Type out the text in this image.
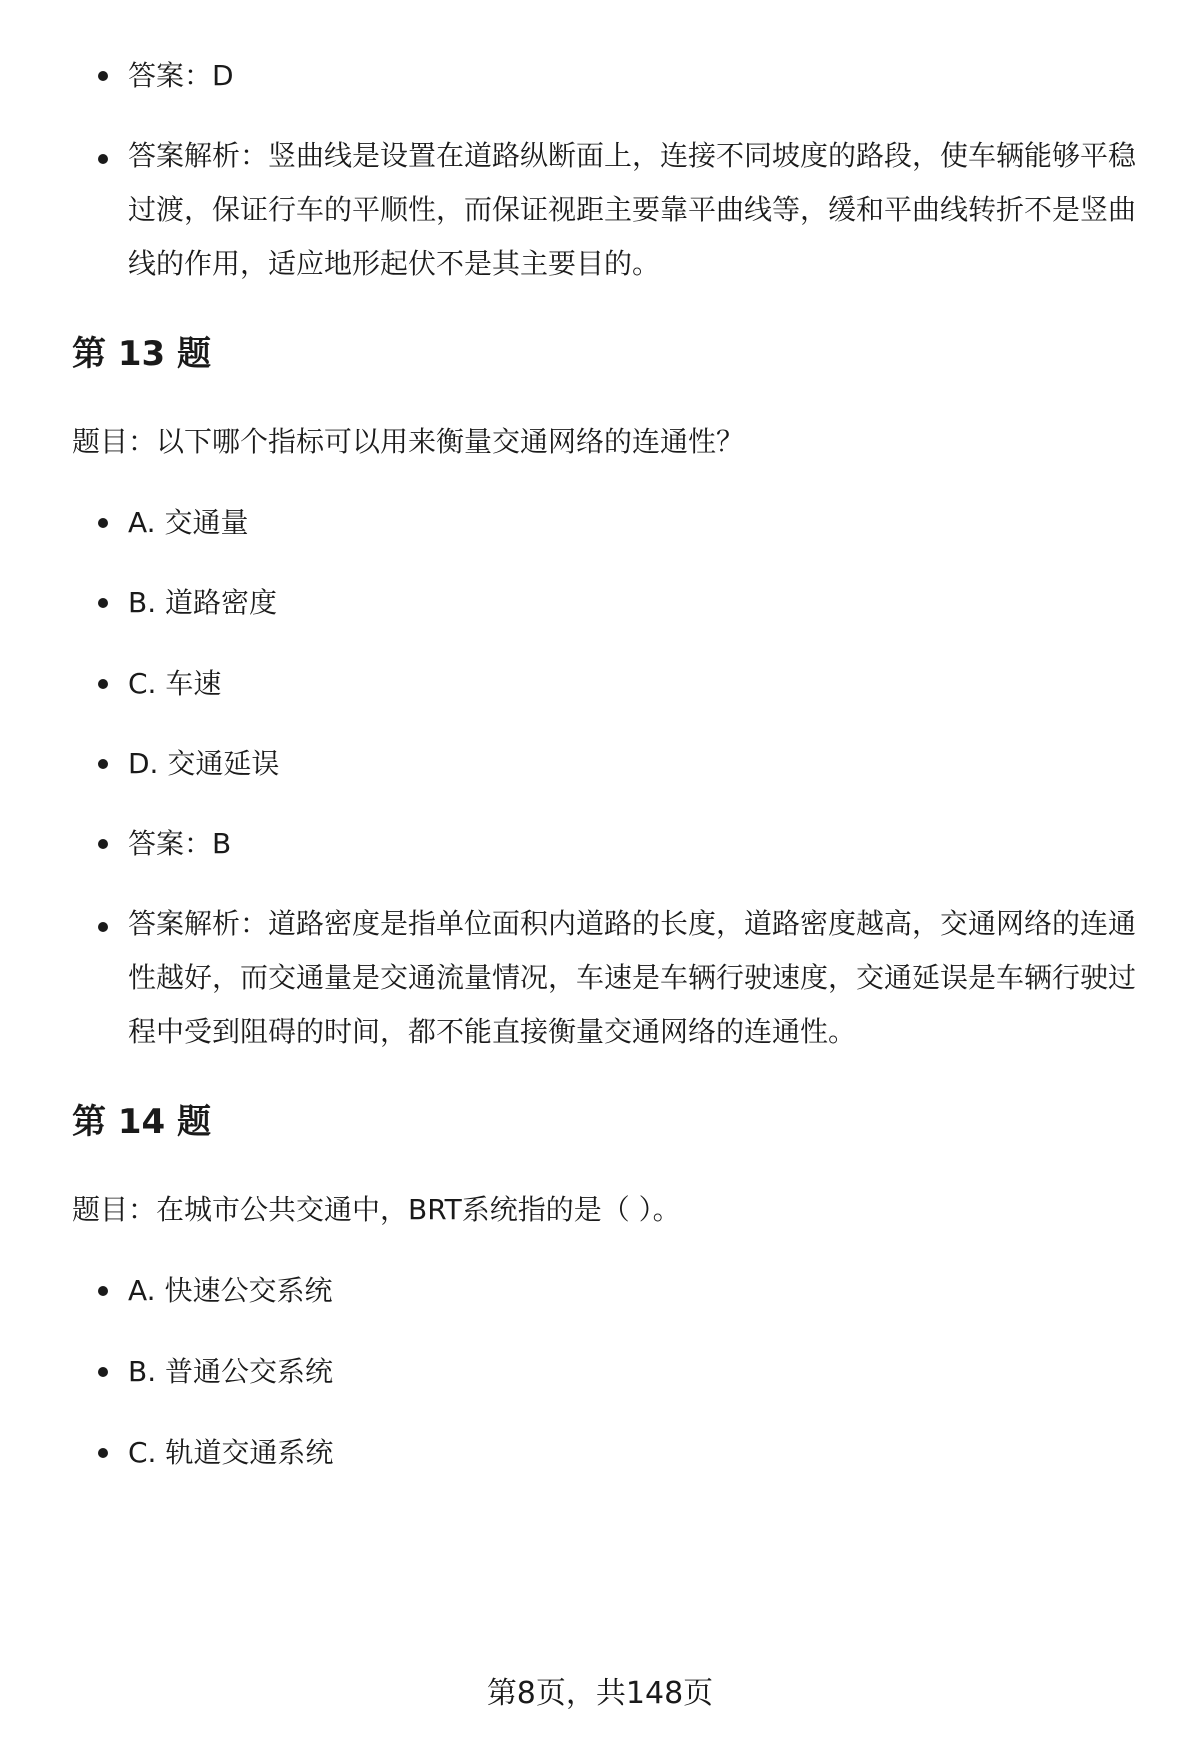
答案：D
答案解析：竖曲线是设置在道路纵断面上，连接不同坡度的路段，使车辆能够平稳过渡，保证行车的平顺性，而保证视距主要靠平曲线等，缓和平曲线转折不是竖曲线的作用，适应地形起伏不是其主要目的。
第 13 题

题目：以下哪个指标可以用来衡量交通网络的连通性？

A. 交通量
B. 道路密度
C. 车速
D. 交通延误
答案：B
答案解析：道路密度是指单位面积内道路的长度，道路密度越高，交通网络的连通性越好，而交通量是交通流量情况，车速是车辆行驶速度，交通延误是车辆行驶过程中受到阻碍的时间，都不能直接衡量交通网络的连通性。
第 14 题

题目：在城市公共交通中，BRT系统指的是（ ）。

A. 快速公交系统
B. 普通公交系统
C. 轨道交通系统
第8页，共148页
